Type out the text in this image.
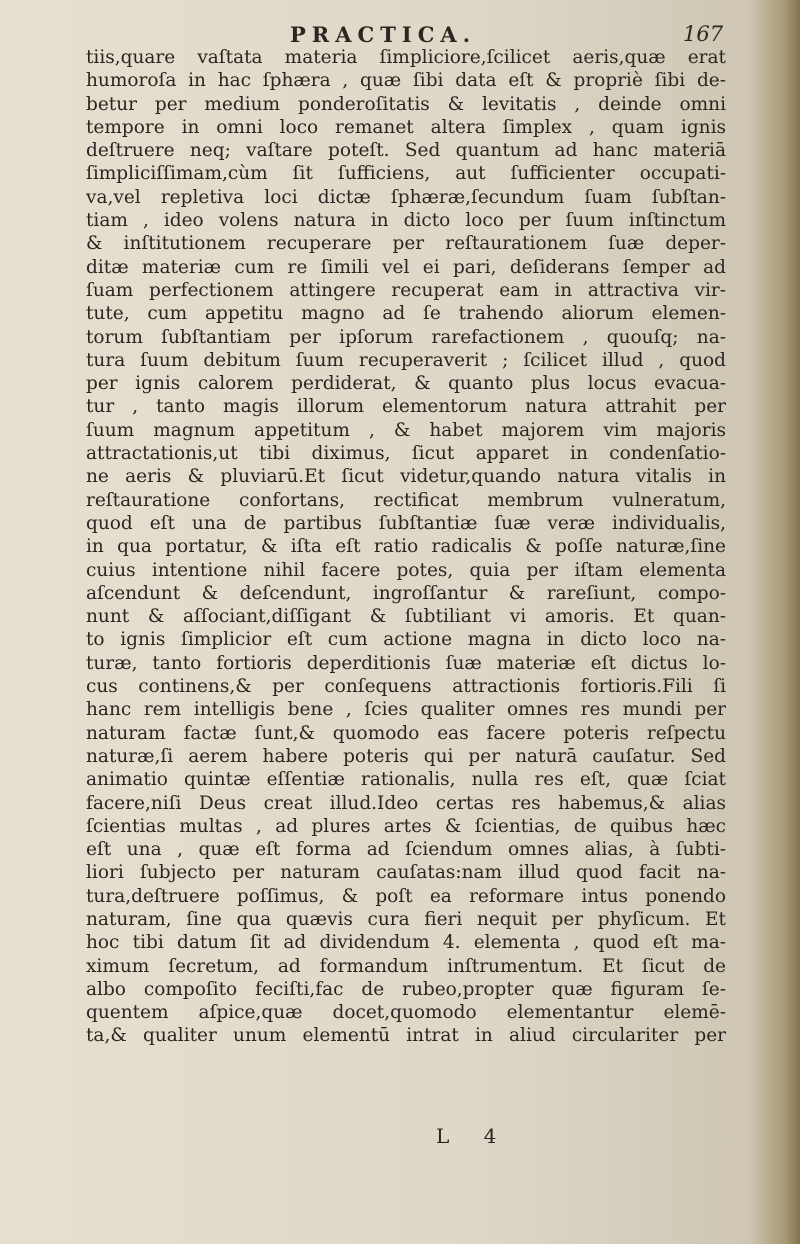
PRACTICA.	167
tiis,quare vaſtata materia ſimpliciore,ſcilicet aeris,quæ erat
humoroſa in hac ſphæra , quæ ſibi data eſt & propriè ſibi de-
betur per medium ponderoſitatis & levitatis , deinde omni
tempore in omni loco remanet altera ſimplex , quam ignis
deſtruere neq; vaſtare poteſt. Sed quantum ad hanc materiā
ſimpliciſſimam,cùm ſit ſufficiens, aut ſufficienter occupati-
va,vel repletiva loci dictæ ſphæræ,ſecundum ſuam ſubſtan-
tiam , ideo volens natura in dicto loco per ſuum inſtinctum
& inſtitutionem recuperare per reſtaurationem ſuæ deper-
ditæ materiæ cum re ſimili vel ei pari, deſiderans ſemper ad
ſuam perfectionem attingere recuperat eam in attractiva vir-
tute, cum appetitu magno ad ſe trahendo aliorum elemen-
torum ſubſtantiam per ipſorum rarefactionem , quouſq; na-
tura ſuum debitum ſuum recuperaverit ; ſcilicet illud , quod
per ignis calorem perdiderat, & quanto plus locus evacua-
tur , tanto magis illorum elementorum natura attrahit per
ſuum magnum appetitum , & habet majorem vim majoris
attractationis,ut tibi diximus, ſicut apparet in condenſatio-
ne aeris & pluviarū.Et ſicut videtur,quando natura vitalis in
reſtauratione confortans, rectificat membrum vulneratum,
quod eſt una de partibus ſubſtantiæ ſuæ veræ individualis,
in qua portatur, & iſta eſt ratio radicalis & poſſe naturæ,ſine
cuius intentione nihil facere potes, quia per iſtam elementa
aſcendunt & deſcendunt, ingroſſantur & rareſiunt, compo-
nunt & aſſociant,diſſigant & ſubtiliant vi amoris. Et quan-
to ignis ſimplicior eſt cum actione magna in dicto loco na-
turæ, tanto fortioris deperditionis ſuæ materiæ eſt dictus lo-
cus continens,& per conſequens attractionis fortioris.Fili ſi
hanc rem intelligis bene , ſcies qualiter omnes res mundi per
naturam factæ ſunt,& quomodo eas facere poteris reſpectu
naturæ,ſi aerem habere poteris qui per naturā cauſatur. Sed
animatio quintæ eſſentiæ rationalis, nulla res eſt, quæ ſciat
facere,niſi Deus creat illud.Ideo certas res habemus,& alias
ſcientias multas , ad plures artes & ſcientias, de quibus hæc
eſt una , quæ eſt forma ad ſciendum omnes alias, à ſubti-
liori ſubjecto per naturam cauſatas:nam illud quod facit na-
tura,deſtruere poſſimus, & poſt ea reformare intus ponendo
naturam, ſine qua quævis cura fieri nequit per phyſicum. Et
hoc tibi datum ſit ad dividendum 4. elementa , quod eſt ma-
ximum ſecretum, ad formandum inſtrumentum. Et ſicut de
albo compoſito feciſti,fac de rubeo,propter quæ figuram ſe-
quentem aſpice,quæ docet,quomodo elementantur elemē-
ta,& qualiter unum elementū intrat in aliud circulariter per
L 4
